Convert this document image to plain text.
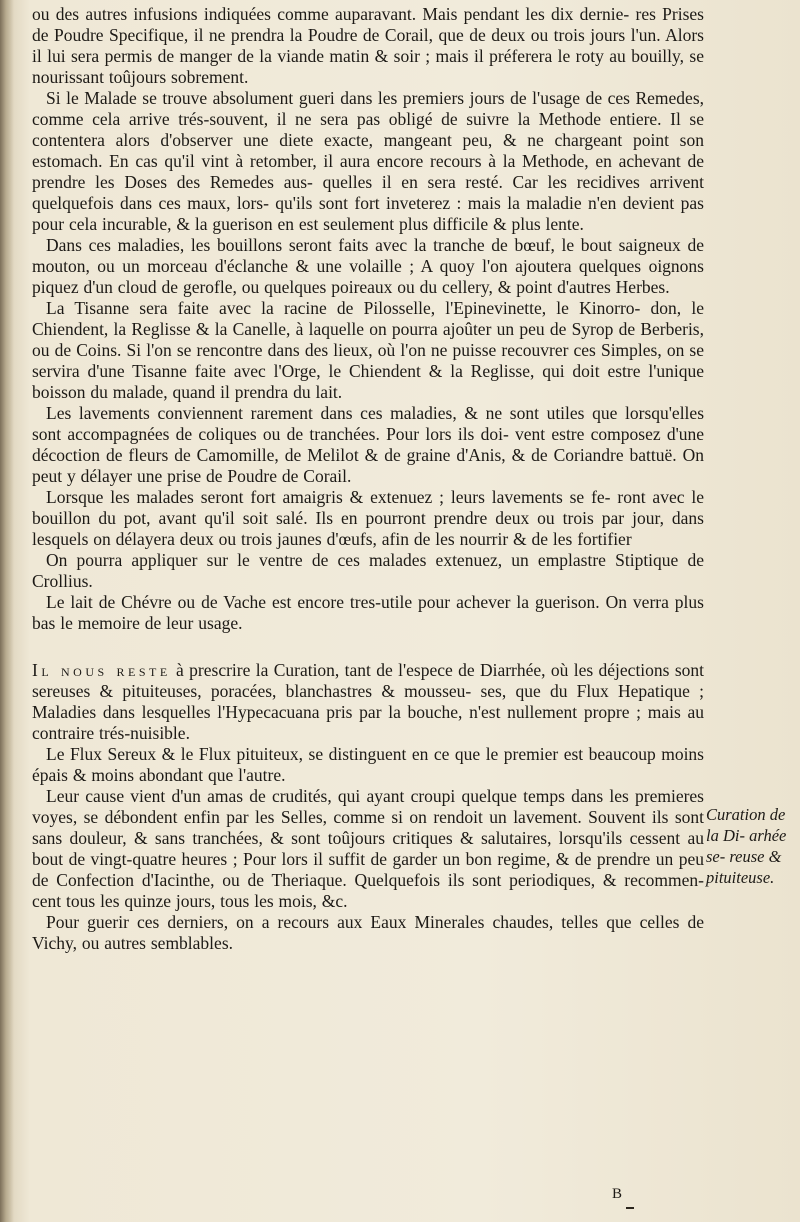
ou des autres infusions indiquées comme auparavant. Mais pendant les dix dernie- res Prises de Poudre Specifique, il ne prendra la Poudre de Corail, que de deux ou trois jours l'un. Alors il lui sera permis de manger de la viande matin & soir ; mais il préferera le roty au bouilly, se nourissant toûjours sobrement.

Si le Malade se trouve absolument gueri dans les premiers jours de l'usage de ces Remedes, comme cela arrive trés-souvent, il ne sera pas obligé de suivre la Methode entiere. Il se contentera alors d'observer une diete exacte, mangeant peu, & ne chargeant point son estomach. En cas qu'il vint à retomber, il aura encore recours à la Methode, en achevant de prendre les Doses des Remedes aus- quelles il en sera resté. Car les recidives arrivent quelquefois dans ces maux, lors- qu'ils sont fort inveterez : mais la maladie n'en devient pas pour cela incurable, & la guerison en est seulement plus difficile & plus lente.

Dans ces maladies, les bouillons seront faits avec la tranche de bœuf, le bout saigneux de mouton, ou un morceau d'éclanche & une volaille ; A quoy l'on ajoutera quelques oignons piquez d'un cloud de gerofle, ou quelques poireaux ou du cellery, & point d'autres Herbes.

La Tisanne sera faite avec la racine de Pilosselle, l'Epinevinette, le Kinorro- don, le Chiendent, la Reglisse & la Canelle, à laquelle on pourra ajoûter un peu de Syrop de Berberis, ou de Coins. Si l'on se rencontre dans des lieux, où l'on ne puisse recouvrer ces Simples, on se servira d'une Tisanne faite avec l'Orge, le Chiendent & la Reglisse, qui doit estre l'unique boisson du malade, quand il prendra du lait.

Les lavements conviennent rarement dans ces maladies, & ne sont utiles que lorsqu'elles sont accompagnées de coliques ou de tranchées. Pour lors ils doi- vent estre composez d'une décoction de fleurs de Camomille, de Melilot & de graine d'Anis, & de Coriandre battuë. On peut y délayer une prise de Poudre de Corail.

Lorsque les malades seront fort amaigris & extenuez ; leurs lavements se fe- ront avec le bouillon du pot, avant qu'il soit salé. Ils en pourront prendre deux ou trois par jour, dans lesquels on délayera deux ou trois jaunes d'œufs, afin de les nourrir & de les fortifier

On pourra appliquer sur le ventre de ces malades extenuez, un emplastre Stiptique de Crollius.

Le lait de Chévre ou de Vache est encore tres-utile pour achever la guerison. On verra plus bas le memoire de leur usage.

Il nous reste à prescrire la Curation, tant de l'espece de Diarrhée, où les déjections sont sereuses & pituiteuses, poracées, blanchastres & mousseu- ses, que du Flux Hepatique ; Maladies dans lesquelles l'Hypecacuana pris par la bouche, n'est nullement propre ; mais au contraire trés-nuisible.

Le Flux Sereux & le Flux pituiteux, se distinguent en ce que le premier est beaucoup moins épais & moins abondant que l'autre.

Leur cause vient d'un amas de crudités, qui ayant croupi quelque temps dans les premieres voyes, se débondent enfin par les Selles, comme si on rendoit un lavement. Souvent ils sont sans douleur, & sans tranchées, & sont toûjours critiques & salutaires, lorsqu'ils cessent au bout de vingt-quatre heures ; Pour lors il suffit de garder un bon regime, & de prendre un peu de Confection d'Iacinthe, ou de Theriaque. Quelquefois ils sont periodiques, & recommen- cent tous les quinze jours, tous les mois, &c.

Pour guerir ces derniers, on a recours aux Eaux Minerales chaudes, telles que celles de Vichy, ou autres semblables.

Curation de la Di- arhée se- reuse & pituiteuse.
B
